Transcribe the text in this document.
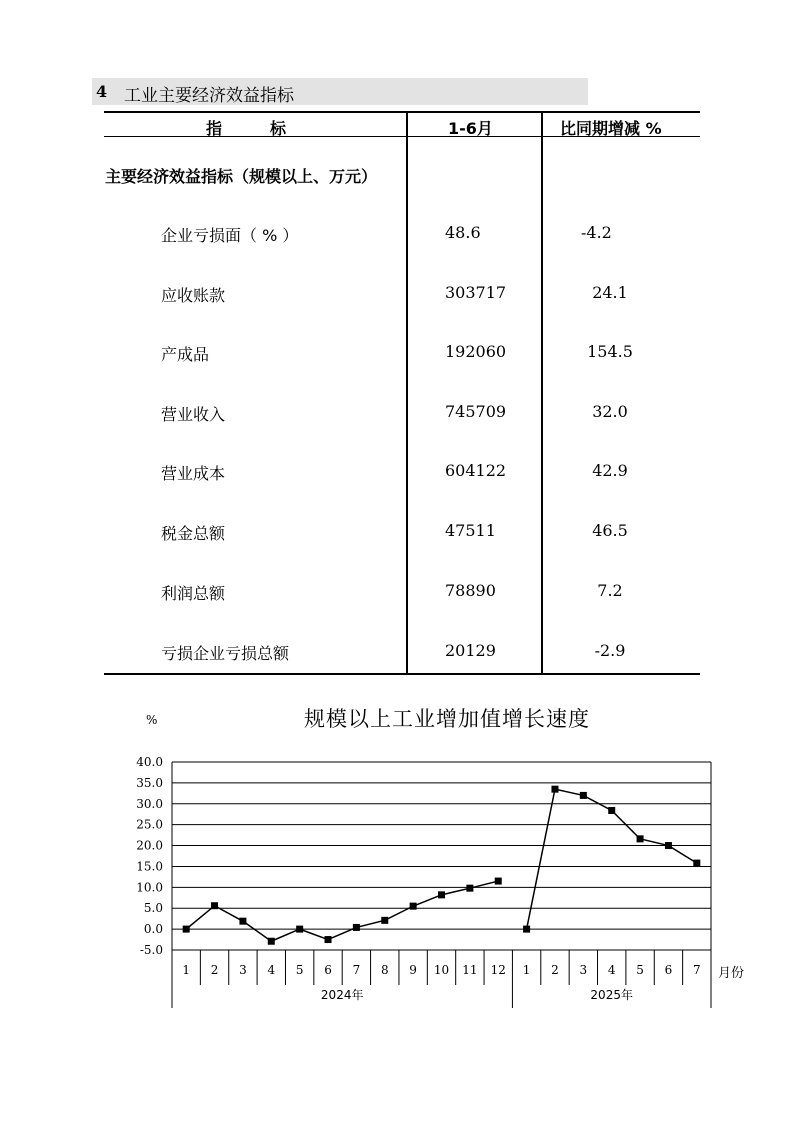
4 工业主要经济效益指标
指　　　标	1-6月	比同期增减 %
主要经济效益指标（规模以上、万元）
企业亏损面（ % ）	48.6	-4.2
应收账款	303717	24.1
产成品	192060	154.5
营业收入	745709	32.0
营业成本	604122	42.9
税金总额	47511	46.5
利润总额	78890	7.2
亏损企业亏损总额	20129	-2.9
规模以上工业增加值增长速度
%
40.0
35.0
30.0
25.0
20.0
15.0
10.0
5.0
0.0
-5.0
1 2 3 4 5 6 7 8 9 10 11 12 1 2 3 4 5 6 7
2024年	2025年
月份
